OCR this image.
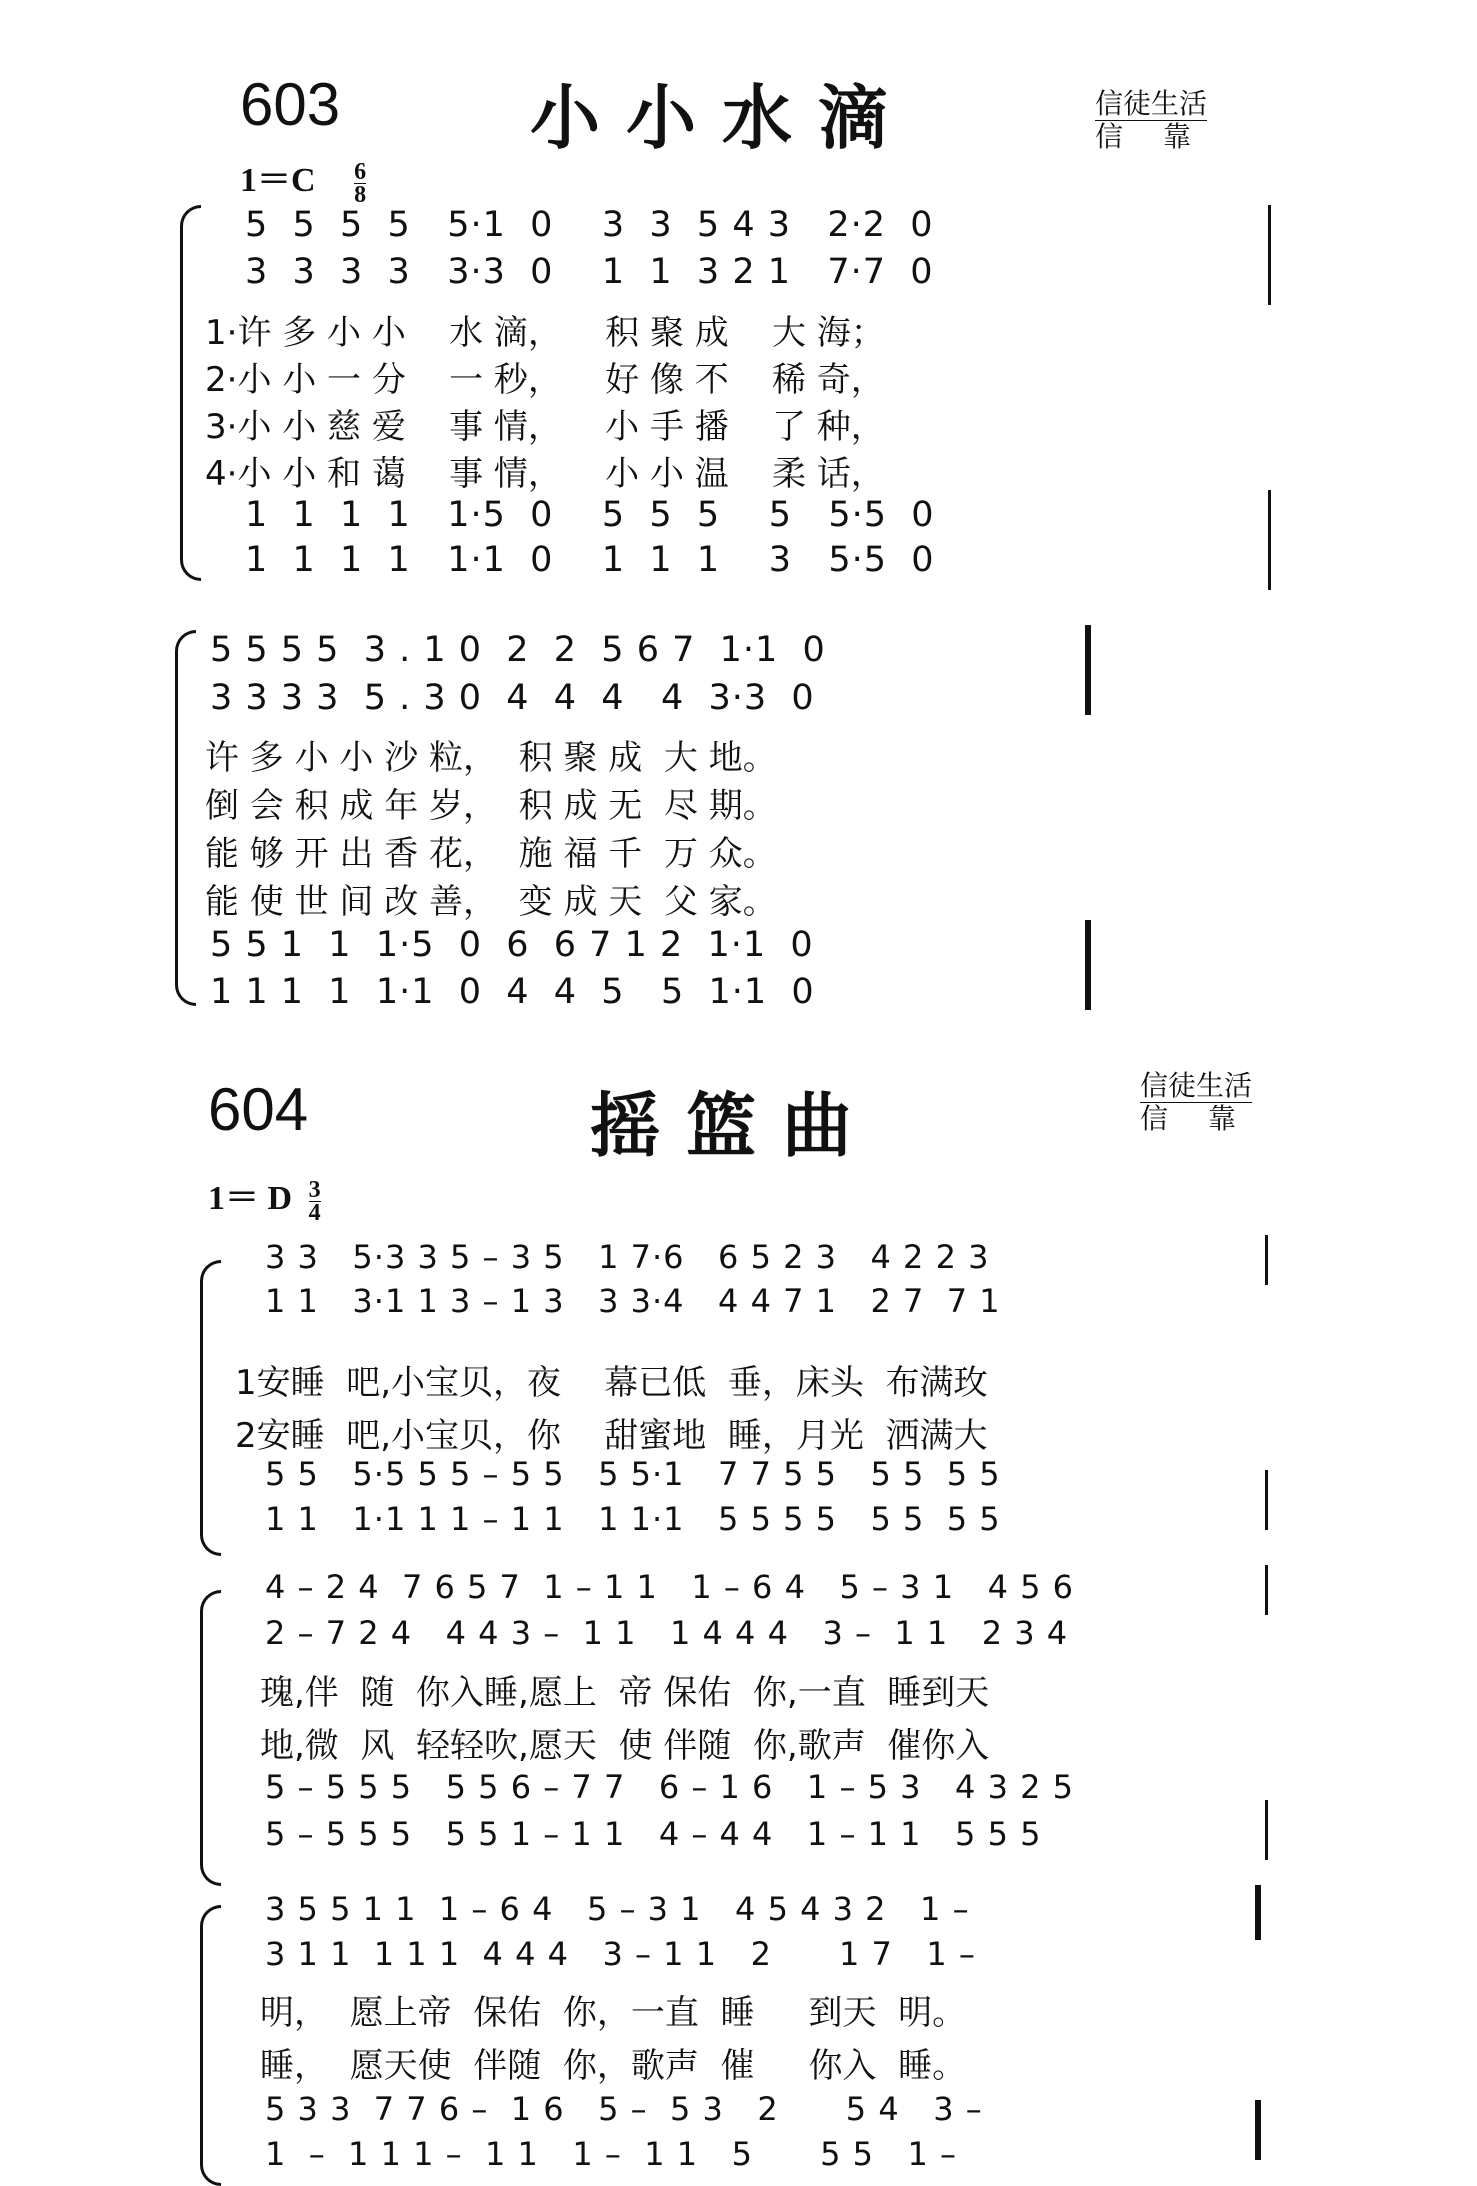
603	小小水滴	信徒生活
信靠
$1=C \frac{6}{8}$
5  5  5  5   5·1  0    3  3  5 4 3   2·2  0
3  3  3  3   3·3  0    1  1  3 2 1   7·7  0
1·许 多 小 小    水 滴，    积 聚 成    大 海；
2·小 小 一 分    一 秒，    好 像 不    稀 奇，
3·小 小 慈 爱    事 情，    小 手 播    了 种，
4·小 小 和 蔼    事 情，    小 小 温    柔 话，
1  1  1  1   1·5  0    5  5  5    5   5·5  0
1  1  1  1   1·1  0    1  1  1    3   5·5  0
5 5 5 5  3 . 1 0  2  2  5 6 7  1·1  0
3 3 3 3  5 . 3 0  4  4  4   4  3·3  0
许 多 小 小 沙 粒，  积 聚 成  大 地。
倒 会 积 成 年 岁，  积 成 无  尽 期。
能 够 开 出 香 花，  施 福 千  万 众。
能 使 世 间 改 善，  变 成 天  父 家。
5 5 1  1  1·5  0  6  6 7 1 2  1·1  0
1 1 1  1  1·1  0  4  4  5   5  1·1  0
604	摇篮曲	信徒生活
信靠
1＝ D $\frac{3}{4}$
3 3   5·3 3 5 – 3 5   1 7·6   6 5 2 3   4 2 2 3
1 1   3·1 1 3 – 1 3   3 3·4   4 4 7 1   2 7  7 1
1安睡  吧,小宝贝，夜    幕已低  垂，床头  布满玫
2安睡  吧,小宝贝，你    甜蜜地  睡，月光  洒满大
5 5   5·5 5 5 – 5 5   5 5·1   7 7 5 5   5 5  5 5
1 1   1·1 1 1 – 1 1   1 1·1   5 5 5 5   5 5  5 5
4 – 2 4  7 6 5 7  1 – 1 1   1 – 6 4   5 – 3 1   4 5 6
2 – 7 2 4   4 4 3 –  1 1   1 4 4 4   3 –  1 1   2 3 4
瑰,伴  随  你入睡,愿上  帝 保佑  你,一直  睡到天
地,微  风  轻轻吹,愿天  使 伴随  你,歌声  催你入
5 – 5 5 5   5 5 6 – 7 7   6 – 1 6   1 – 5 3   4 3 2 5
5 – 5 5 5   5 5 1 – 1 1   4 – 4 4   1 – 1 1   5 5 5
3 5 5 1 1  1 – 6 4   5 – 3 1   4 5 4 3 2   1 –
3 1 1  1 1 1  4 4 4   3 – 1 1   2      1 7   1 –
明，  愿上帝  保佑  你，一直  睡     到天  明。
睡，  愿天使  伴随  你，歌声  催     你入  睡。
5 3 3  7 7 6 –  1 6   5 –  5 3   2      5 4   3 –
1  –  1 1 1 –  1 1   1 –  1 1   5      5 5   1 –
